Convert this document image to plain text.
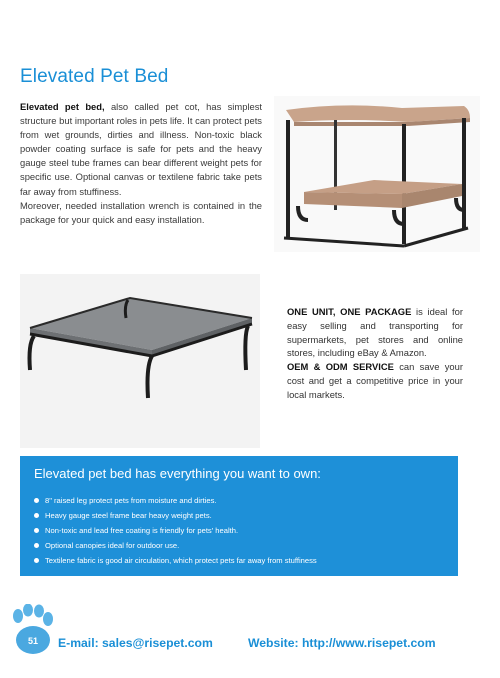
Elevated Pet Bed
Elevated pet bed, also called pet cot, has simplest structure but important roles in pets life. It can protect pets from wet grounds, dirties and illness. Non-toxic black powder coating surface is safe for pets and the heavy gauge steel tube frames can bear different weight pets for specific use. Optional canvas or textilene fabric take pets far away from stuffiness.
Moreover, needed installation wrench is contained in the package for your quick and easy installation.
ONE UNIT, ONE PACKAGE is ideal for easy selling and transporting for supermarkets, pet stores and online stores, including eBay & Amazon.
OEM & ODM SERVICE can save your cost and get a competitive price in your local markets.
Elevated pet bed has everything you want to own:
8" raised leg protect pets from moisture and dirties.
Heavy gauge steel frame bear heavy weight pets.
Non-toxic and lead free coating is friendly for pets' health.
Optional canopies ideal for outdoor use.
Textilene fabric is good air circulation, which protect pets far away from stuffiness
51	E-mail: sales@risepet.com	Website: http://www.risepet.com
